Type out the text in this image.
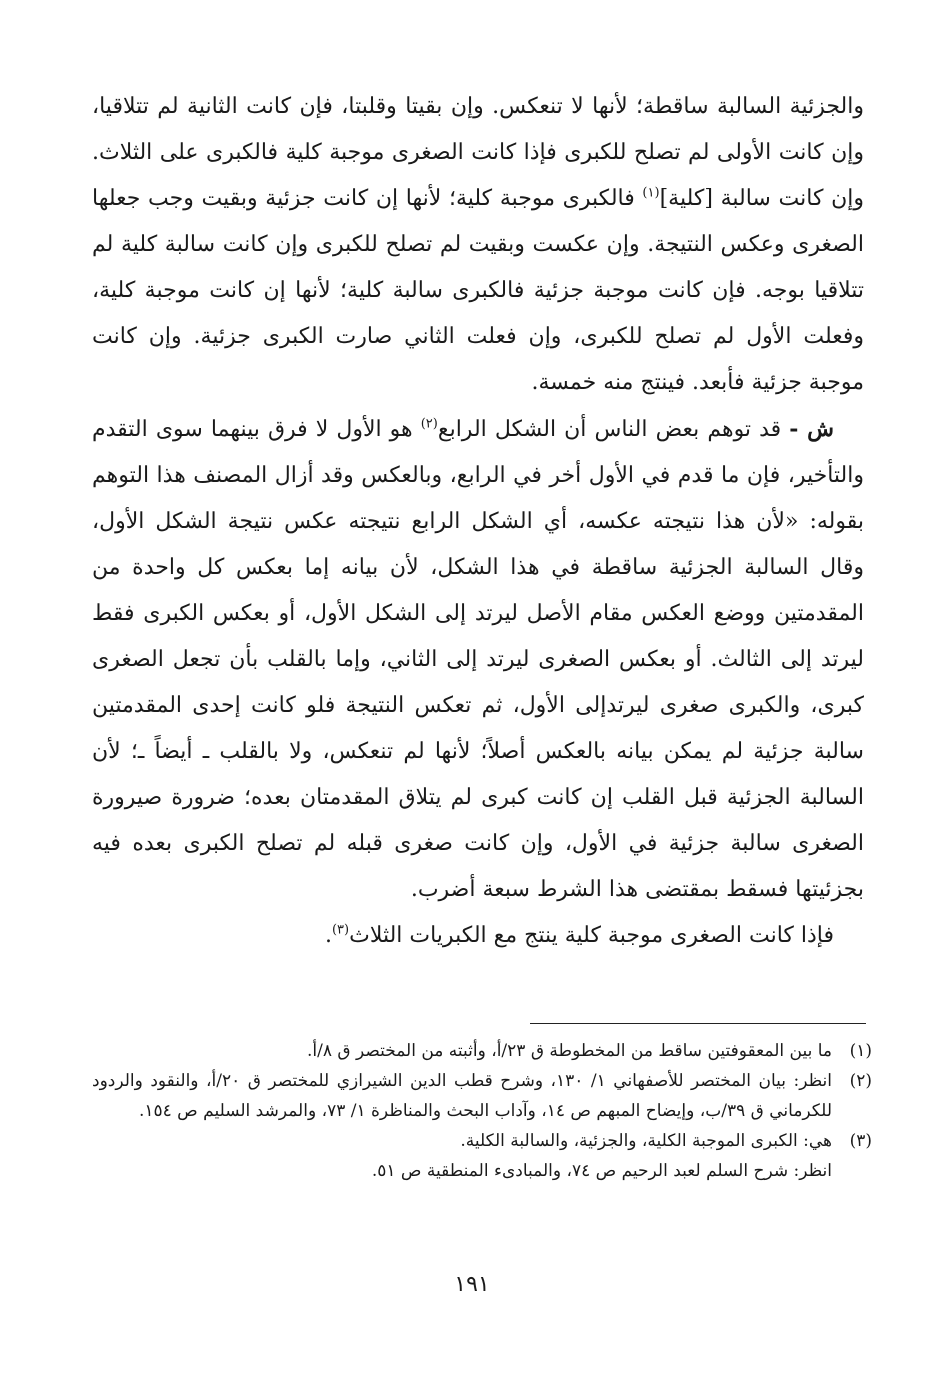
والجزئية السالبة ساقطة؛ لأنها لا تنعكس. وإن بقيتا وقلبتا، فإن كانت الثانية لم تتلاقيا، وإن كانت الأولى لم تصلح للكبرى فإذا كانت الصغرى موجبة كلية فالكبرى على الثلاث. وإن كانت سالبة [كلية]$^{(١)}$ فالكبرى موجبة كلية؛ لأنها إن كانت جزئية وبقيت وجب جعلها الصغرى وعكس النتيجة. وإن عكست وبقيت لم تصلح للكبرى وإن كانت سالبة كلية لم تتلاقيا بوجه. فإن كانت موجبة جزئية فالكبرى سالبة كلية؛ لأنها إن كانت موجبة كلية، وفعلت الأول لم تصلح للكبرى، وإن فعلت الثاني صارت الكبرى جزئية. وإن كانت موجبة جزئية فأبعد. فينتج منه خمسة.

ش - قد توهم بعض الناس أن الشكل الرابع$^{(٢)}$ هو الأول لا فرق بينهما سوى التقدم والتأخير، فإن ما قدم في الأول أخر في الرابع، وبالعكس وقد أزال المصنف هذا التوهم بقوله: «لأن هذا نتيجته عكسه، أي الشكل الرابع نتيجته عكس نتيجة الشكل الأول، وقال السالبة الجزئية ساقطة في هذا الشكل، لأن بيانه إما بعكس كل واحدة من المقدمتين ووضع العكس مقام الأصل ليرتد إلى الشكل الأول، أو بعكس الكبرى فقط ليرتد إلى الثالث. أو بعكس الصغرى ليرتد إلى الثاني، وإما بالقلب بأن تجعل الصغرى كبرى، والكبرى صغرى ليرتدإلى الأول، ثم تعكس النتيجة فلو كانت إحدى المقدمتين سالبة جزئية لم يمكن بيانه بالعكس أصلاً؛ لأنها لم تنعكس، ولا بالقلب ـ أيضاً ـ؛ لأن السالبة الجزئية قبل القلب إن كانت كبرى لم يتلاق المقدمتان بعده؛ ضرورة صيرورة الصغرى سالبة جزئية في الأول، وإن كانت صغرى قبله لم تصلح الكبرى بعده فيه بجزئيتها فسقط بمقتضى هذا الشرط سبعة أضرب.

فإذا كانت الصغرى موجبة كلية ينتج مع الكبريات الثلاث$^{(٣)}$.

(١)
ما بين المعقوفتين ساقط من المخطوطة ق ٢٣/أ، وأثبته من المختصر ق ٨/أ.
(٢)
انظر: بيان المختصر للأصفهاني ١/ ١٣٠، وشرح قطب الدين الشيرازي للمختصر ق ٢٠/أ، والنقود والردود للكرماني ق ٣٩/ب، وإيضاح المبهم ص ١٤، وآداب البحث والمناظرة ١/ ٧٣، والمرشد السليم ص ١٥٤.
(٣)
هي: الكبرى الموجبة الكلية، والجزئية، والسالبة الكلية.
انظر: شرح السلم لعبد الرحيم ص ٧٤، والمبادىء المنطقية ص ٥١.
١٩١
